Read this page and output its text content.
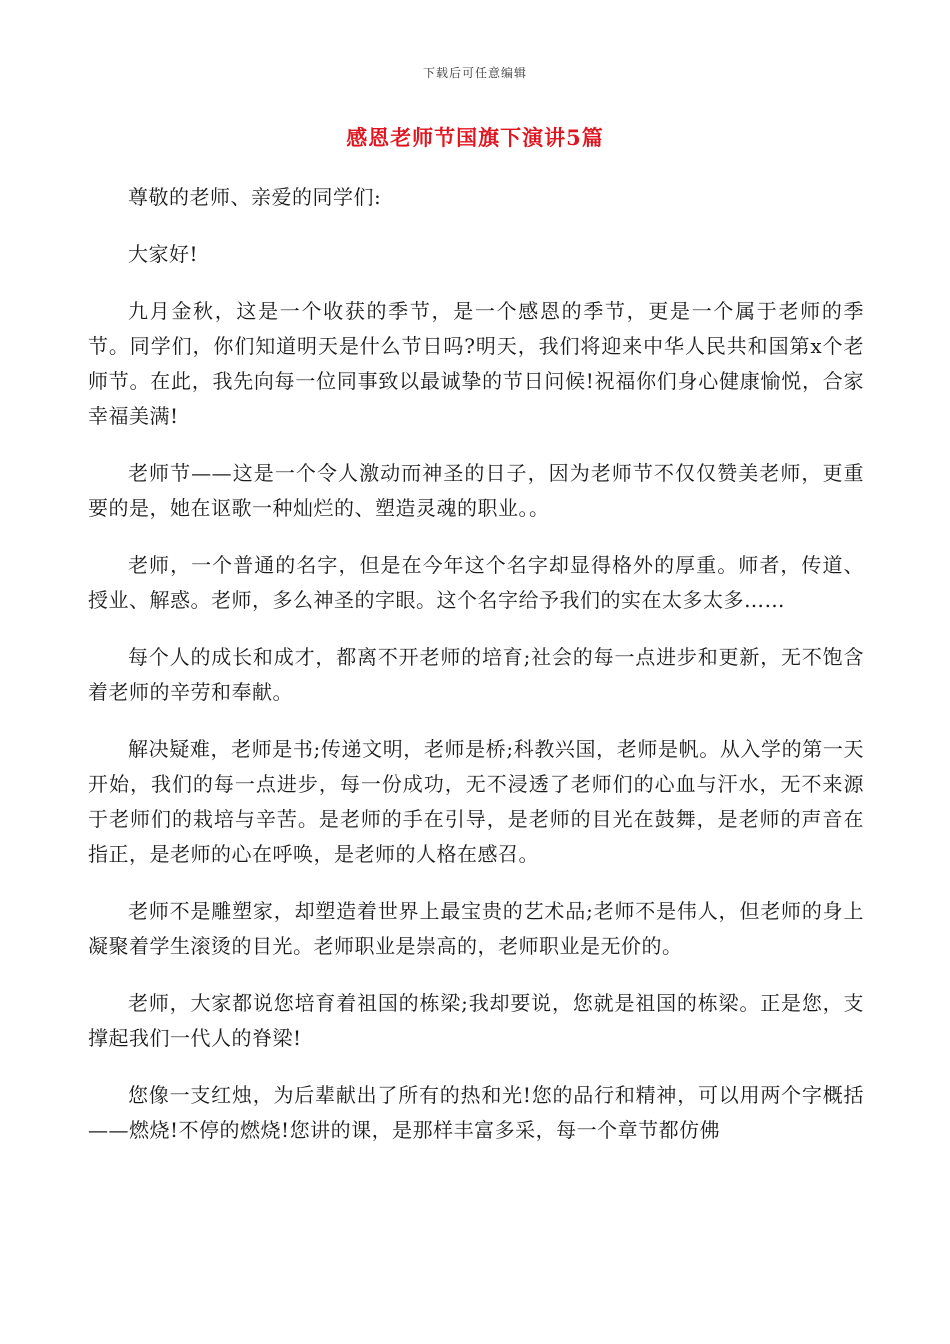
下载后可任意编辑
感恩老师节国旗下演讲5篇

尊敬的老师、亲爱的同学们:

大家好!

九月金秋，这是一个收获的季节，是一个感恩的季节，更是一个属于老师的季节。同学们，你们知道明天是什么节日吗?明天，我们将迎来中华人民共和国第x个老师节。在此，我先向每一位同事致以最诚挚的节日问候!祝福你们身心健康愉悦，合家幸福美满!

老师节——这是一个令人激动而神圣的日子，因为老师节不仅仅赞美老师，更重要的是，她在讴歌一种灿烂的、塑造灵魂的职业。。

老师，一个普通的名字，但是在今年这个名字却显得格外的厚重。师者，传道、授业、解惑。老师，多么神圣的字眼。这个名字给予我们的实在太多太多……

每个人的成长和成才，都离不开老师的培育;社会的每一点进步和更新，无不饱含着老师的辛劳和奉献。

解决疑难，老师是书;传递文明，老师是桥;科教兴国，老师是帆。从入学的第一天开始，我们的每一点进步，每一份成功，无不浸透了老师们的心血与汗水，无不来源于老师们的栽培与辛苦。是老师的手在引导，是老师的目光在鼓舞，是老师的声音在指正，是老师的心在呼唤，是老师的人格在感召。

老师不是雕塑家，却塑造着世界上最宝贵的艺术品;老师不是伟人，但老师的身上凝聚着学生滚烫的目光。老师职业是崇高的，老师职业是无价的。

老师，大家都说您培育着祖国的栋梁;我却要说，您就是祖国的栋梁。正是您，支撑起我们一代人的脊梁!

您像一支红烛，为后辈献出了所有的热和光!您的品行和精神，可以用两个字概括——燃烧!不停的燃烧!您讲的课，是那样丰富多采，每一个章节都仿佛
